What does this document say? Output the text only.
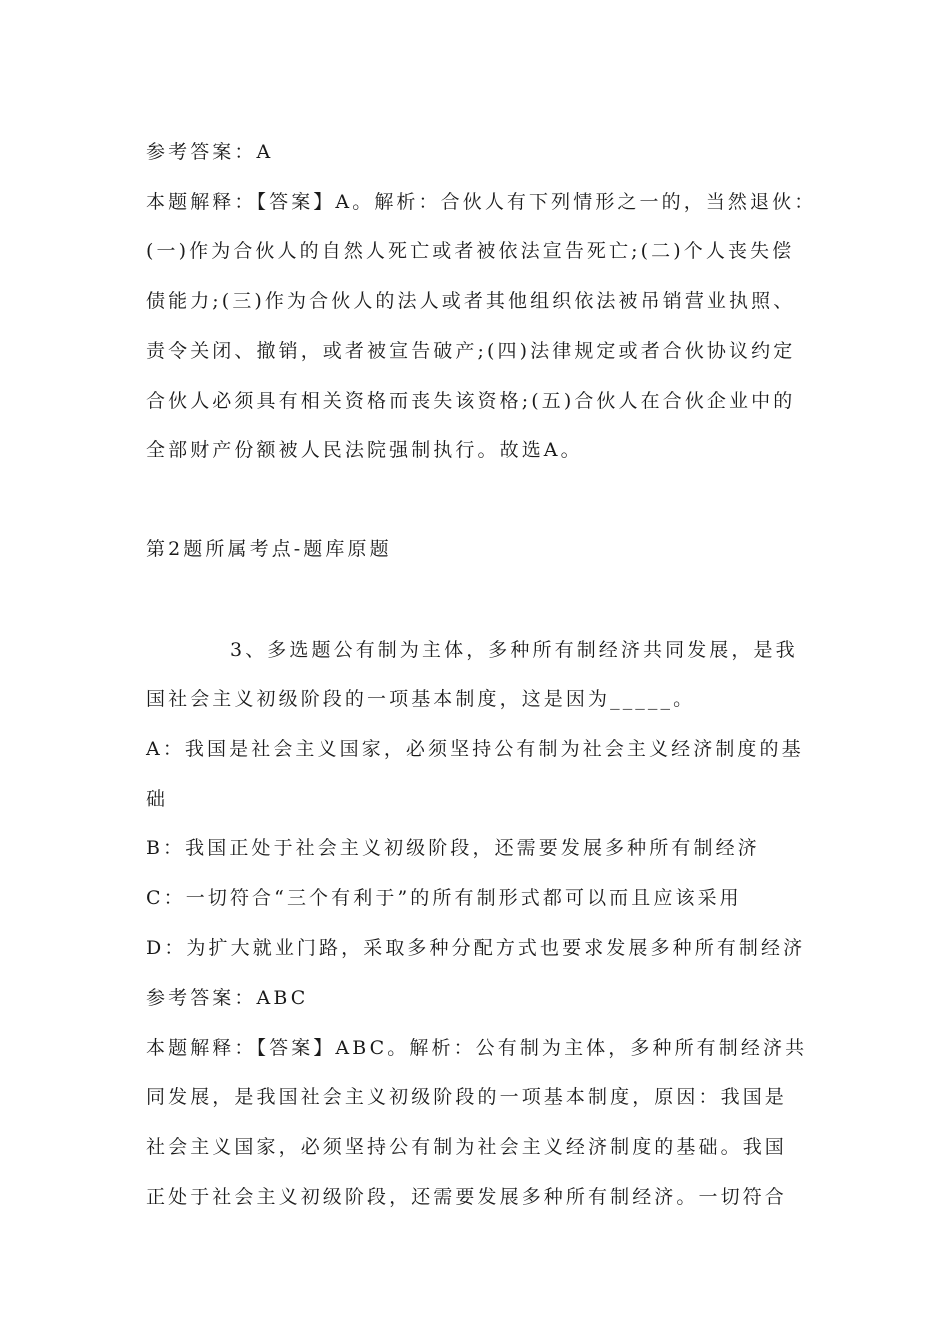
参考答案：A

本题解释：【答案】A。解析：合伙人有下列情形之一的，当然退伙：

(一)作为合伙人的自然人死亡或者被依法宣告死亡;(二)个人丧失偿

债能力;(三)作为合伙人的法人或者其他组织依法被吊销营业执照、

责令关闭、撤销，或者被宣告破产;(四)法律规定或者合伙协议约定

合伙人必须具有相关资格而丧失该资格;(五)合伙人在合伙企业中的

全部财产份额被人民法院强制执行。故选A。

第2题所属考点-题库原题

3、多选题公有制为主体，多种所有制经济共同发展，是我

国社会主义初级阶段的一项基本制度，这是因为_____。

A：我国是社会主义国家，必须坚持公有制为社会主义经济制度的基

础

B：我国正处于社会主义初级阶段，还需要发展多种所有制经济

C：一切符合“三个有利于”的所有制形式都可以而且应该采用

D：为扩大就业门路，采取多种分配方式也要求发展多种所有制经济

参考答案：ABC

本题解释：【答案】ABC。解析：公有制为主体，多种所有制经济共

同发展，是我国社会主义初级阶段的一项基本制度，原因：我国是

社会主义国家，必须坚持公有制为社会主义经济制度的基础。我国

正处于社会主义初级阶段，还需要发展多种所有制经济。一切符合
